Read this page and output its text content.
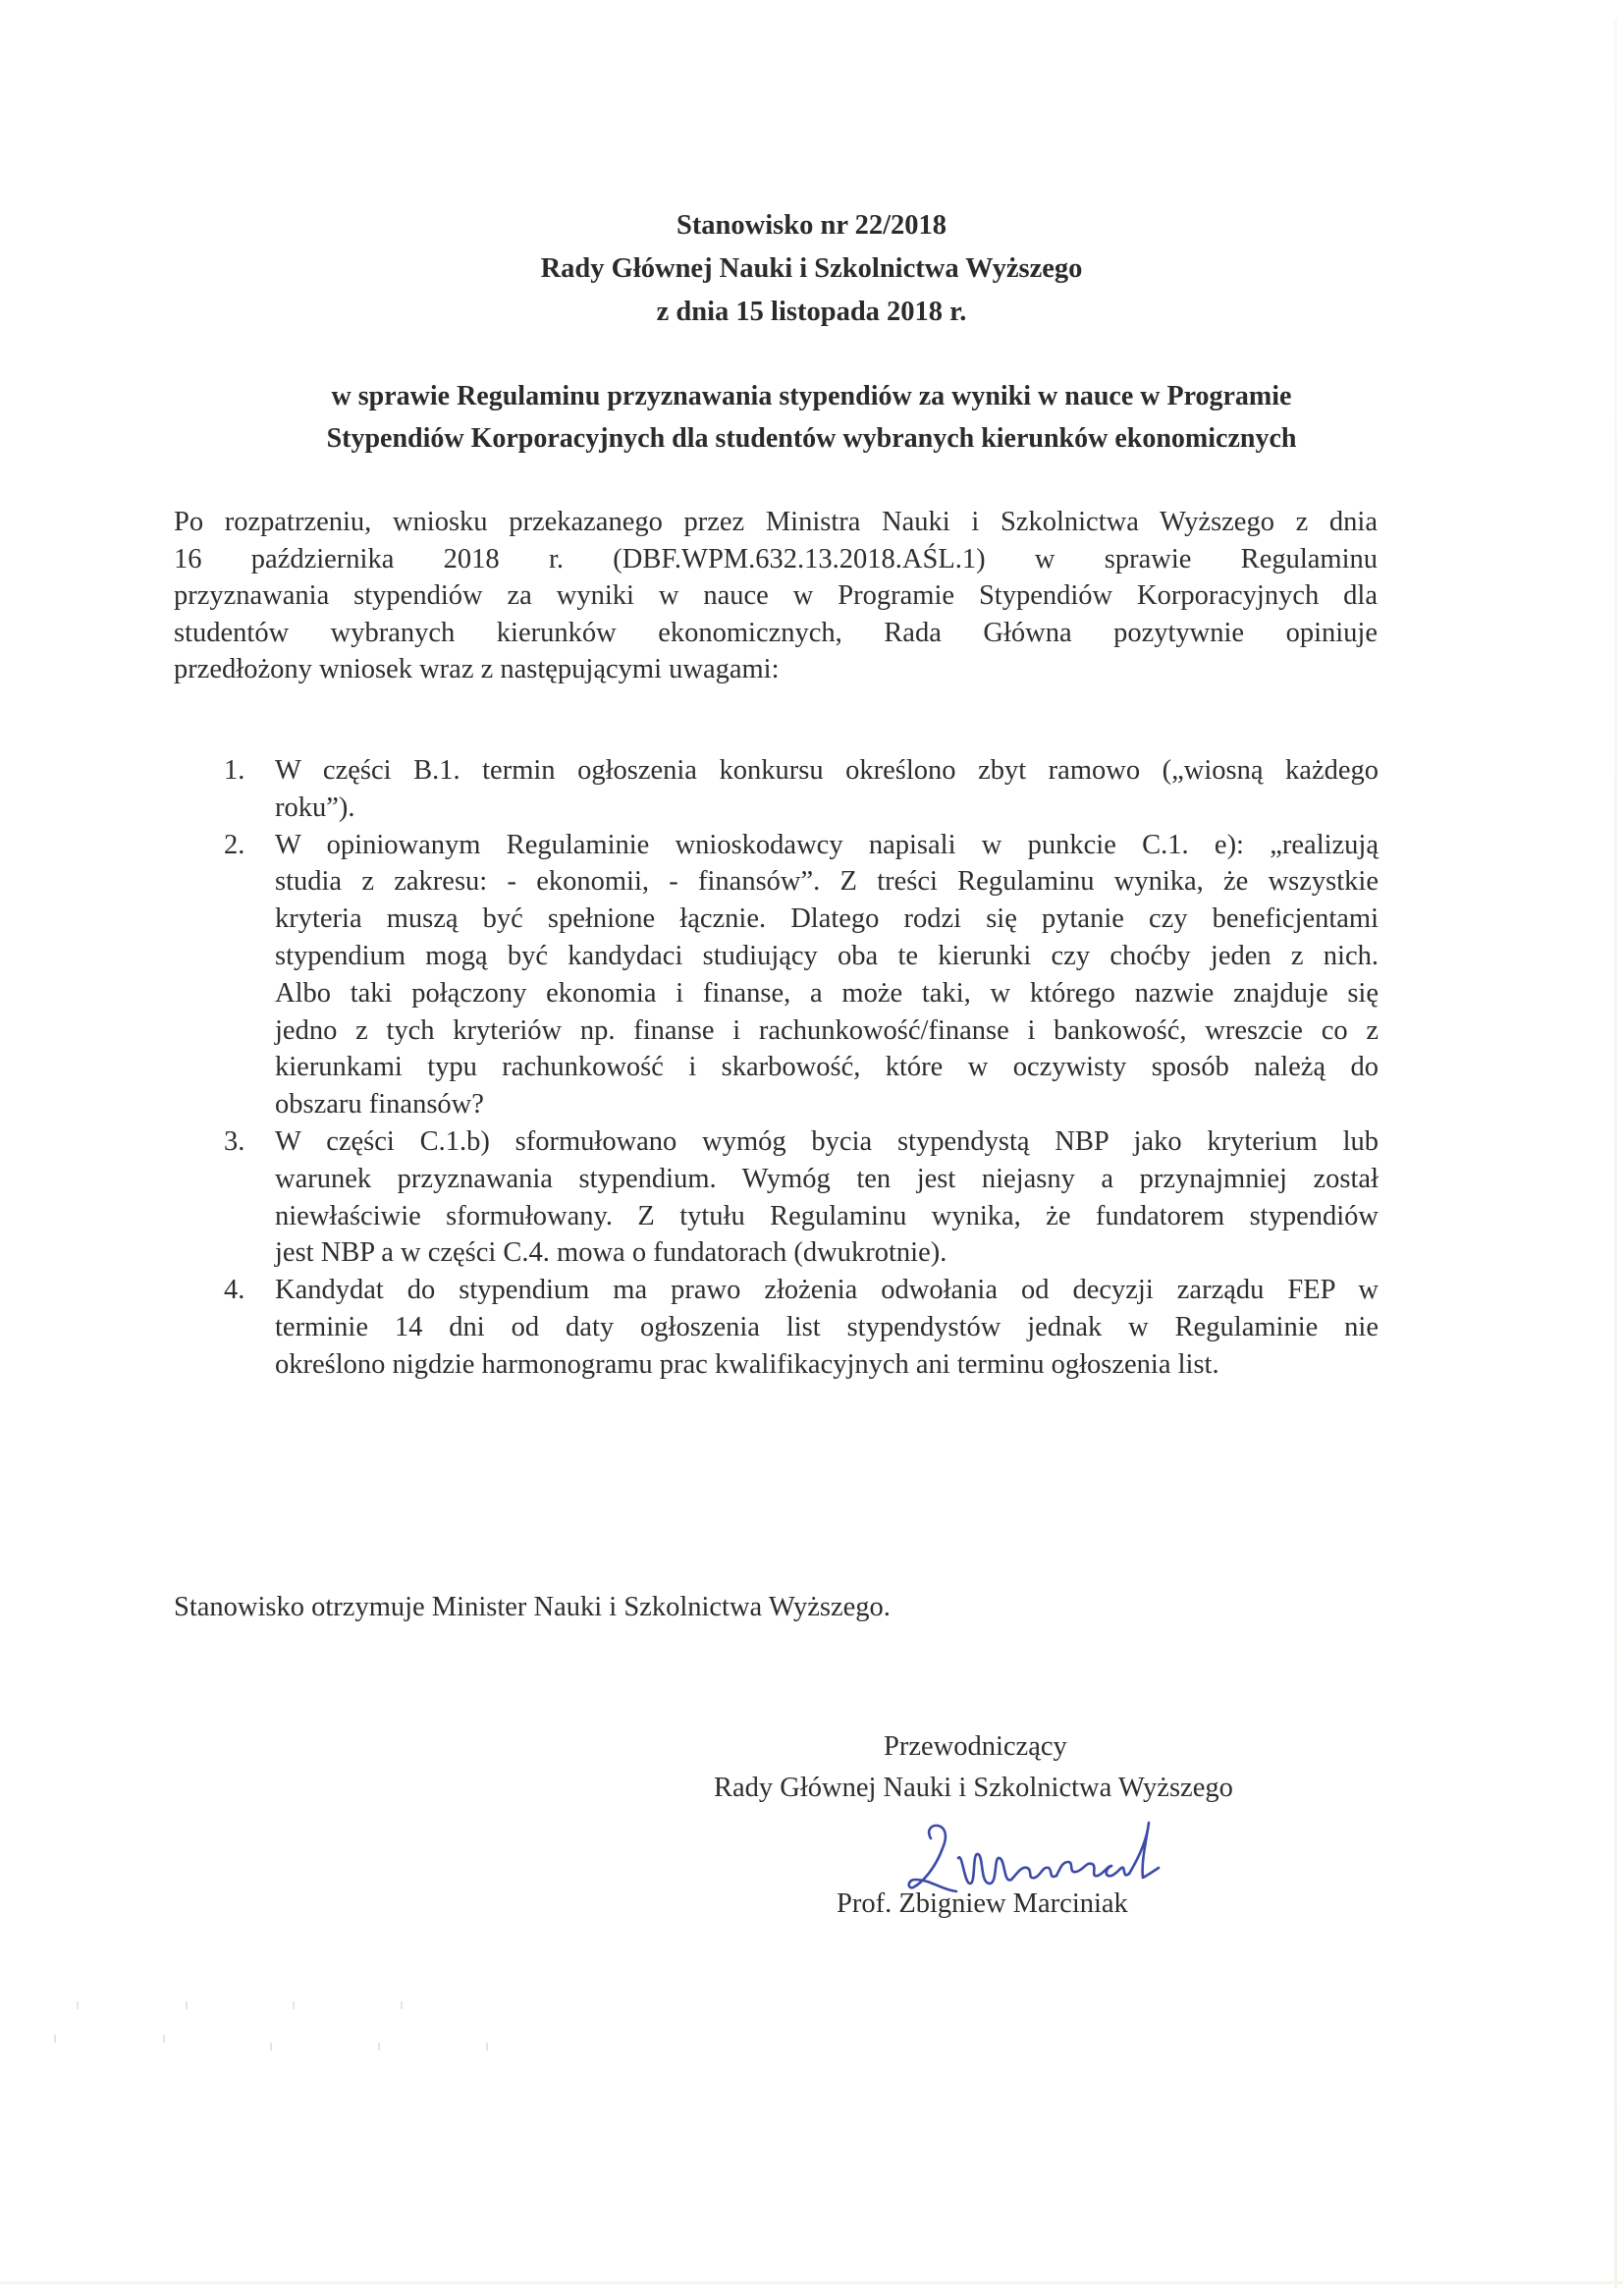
Stanowisko nr 22/2018
Rady Głównej Nauki i Szkolnictwa Wyższego
z dnia 15 listopada 2018 r.
w sprawie Regulaminu przyznawania stypendiów za wyniki w nauce w Programie
Stypendiów Korporacyjnych dla studentów wybranych kierunków ekonomicznych
Po rozpatrzeniu, wniosku przekazanego przez Ministra Nauki i Szkolnictwa Wyższego z dnia
16 października 2018 r. (DBF.WPM.632.13.2018.AŚL.1) w sprawie Regulaminu
przyznawania stypendiów za wyniki w nauce w Programie Stypendiów Korporacyjnych dla
studentów wybranych kierunków ekonomicznych, Rada Główna pozytywnie opiniuje
przedłożony wniosek wraz z następującymi uwagami:
1.	W części B.1. termin ogłoszenia konkursu określono zbyt ramowo („wiosną każdego
roku”).
2.	W opiniowanym Regulaminie wnioskodawcy napisali w punkcie C.1. e): „realizują
studia z zakresu: - ekonomii, - finansów”. Z treści Regulaminu wynika, że wszystkie
kryteria muszą być spełnione łącznie. Dlatego rodzi się pytanie czy beneficjentami
stypendium mogą być kandydaci studiujący oba te kierunki czy choćby jeden z nich.
Albo taki połączony ekonomia i finanse, a może taki, w którego nazwie znajduje się
jedno z tych kryteriów np. finanse i rachunkowość/finanse i bankowość, wreszcie co z
kierunkami typu rachunkowość i skarbowość, które w oczywisty sposób należą do
obszaru finansów?
3.	W części C.1.b) sformułowano wymóg bycia stypendystą NBP jako kryterium lub
warunek przyznawania stypendium. Wymóg ten jest niejasny a przynajmniej został
niewłaściwie sformułowany. Z tytułu Regulaminu wynika, że fundatorem stypendiów
jest NBP a w części C.4. mowa o fundatorach (dwukrotnie).
4.	Kandydat do stypendium ma prawo złożenia odwołania od decyzji zarządu FEP w
terminie 14 dni od daty ogłoszenia list stypendystów jednak w Regulaminie nie
określono nigdzie harmonogramu prac kwalifikacyjnych ani terminu ogłoszenia list.
Stanowisko otrzymuje Minister Nauki i Szkolnictwa Wyższego.
Przewodniczący
Rady Głównej Nauki i Szkolnictwa Wyższego
Prof. Zbigniew Marciniak
